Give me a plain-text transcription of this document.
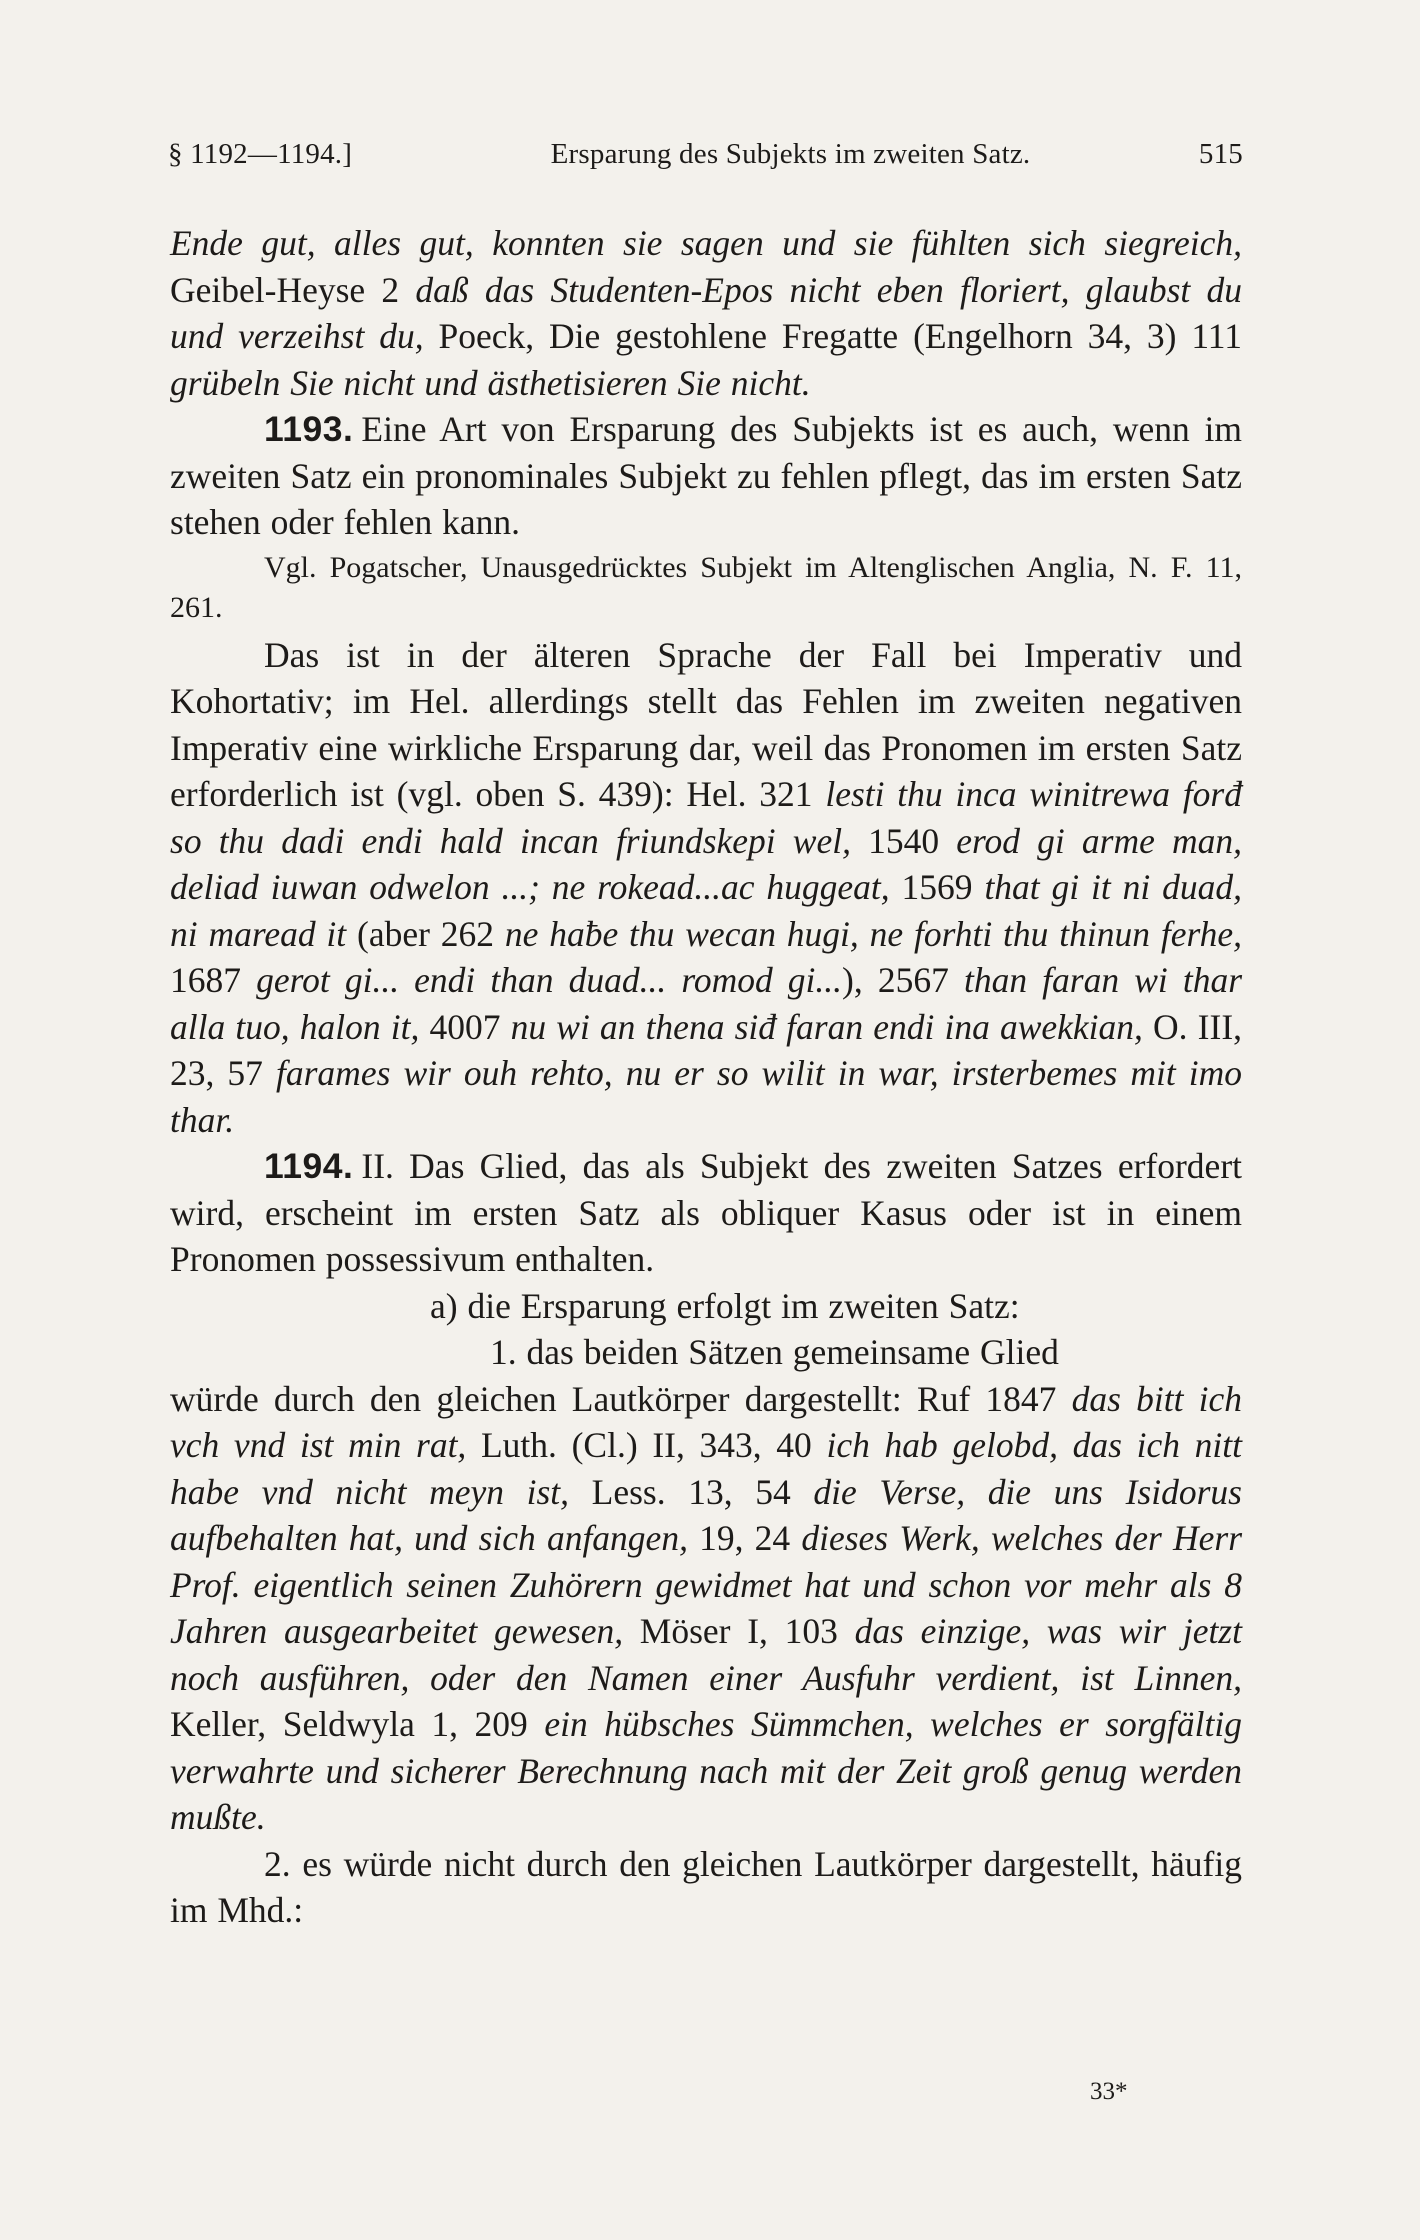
§ 1192—1194.]	Ersparung des Subjekts im zweiten Satz.	515

Ende gut, alles gut, konnten sie sagen und sie fühlten sich siegreich, Geibel-Heyse 2 daß das Studenten-Epos nicht eben floriert, glaubst du und verzeihst du, Poeck, Die gestohlene Fregatte (Engelhorn 34, 3) 111 grübeln Sie nicht und ästhetisieren Sie nicht.

1193. Eine Art von Ersparung des Subjekts ist es auch, wenn im zweiten Satz ein pronominales Subjekt zu fehlen pflegt, das im ersten Satz stehen oder fehlen kann.

Vgl. Pogatscher, Unausgedrücktes Subjekt im Altenglischen Anglia, N. F. 11, 261.

Das ist in der älteren Sprache der Fall bei Imperativ und Kohortativ; im Hel. allerdings stellt das Fehlen im zweiten negativen Imperativ eine wirkliche Ersparung dar, weil das Pronomen im ersten Satz erforderlich ist (vgl. oben S. 439): Hel. 321 lesti thu inca winitrewa forđ so thu dadi endi hald incan friundskepi wel, 1540 erod gi arme man, deliad iuwan odwelon ...; ne rokead...ac huggeat, 1569 that gi it ni duad, ni maread it (aber 262 ne haƀe thu wecan hugi, ne forhti thu thinun ferhe, 1687 gerot gi... endi than duad... romod gi...), 2567 than faran wi thar alla tuo, halon it, 4007 nu wi an thena siđ faran endi ina awekkian, O. III, 23, 57 farames wir ouh rehto, nu er so wilit in war, irsterbemes mit imo thar.

1194. II. Das Glied, das als Subjekt des zweiten Satzes erfordert wird, erscheint im ersten Satz als obliquer Kasus oder ist in einem Pronomen possessivum enthalten.

a) die Ersparung erfolgt im zweiten Satz:

1. das beiden Sätzen gemeinsame Glied

würde durch den gleichen Lautkörper dargestellt: Ruf 1847 das bitt ich vch vnd ist min rat, Luth. (Cl.) II, 343, 40 ich hab gelobd, das ich nitt habe vnd nicht meyn ist, Less. 13, 54 die Verse, die uns Isidorus aufbehalten hat, und sich anfangen, 19, 24 dieses Werk, welches der Herr Prof. eigentlich seinen Zuhörern gewidmet hat und schon vor mehr als 8 Jahren ausgearbeitet gewesen, Möser I, 103 das einzige, was wir jetzt noch ausführen, oder den Namen einer Ausfuhr verdient, ist Linnen, Keller, Seldwyla 1, 209 ein hübsches Sümmchen, welches er sorgfältig verwahrte und sicherer Berechnung nach mit der Zeit groß genug werden mußte.

2. es würde nicht durch den gleichen Lautkörper dargestellt, häufig im Mhd.:

33*
